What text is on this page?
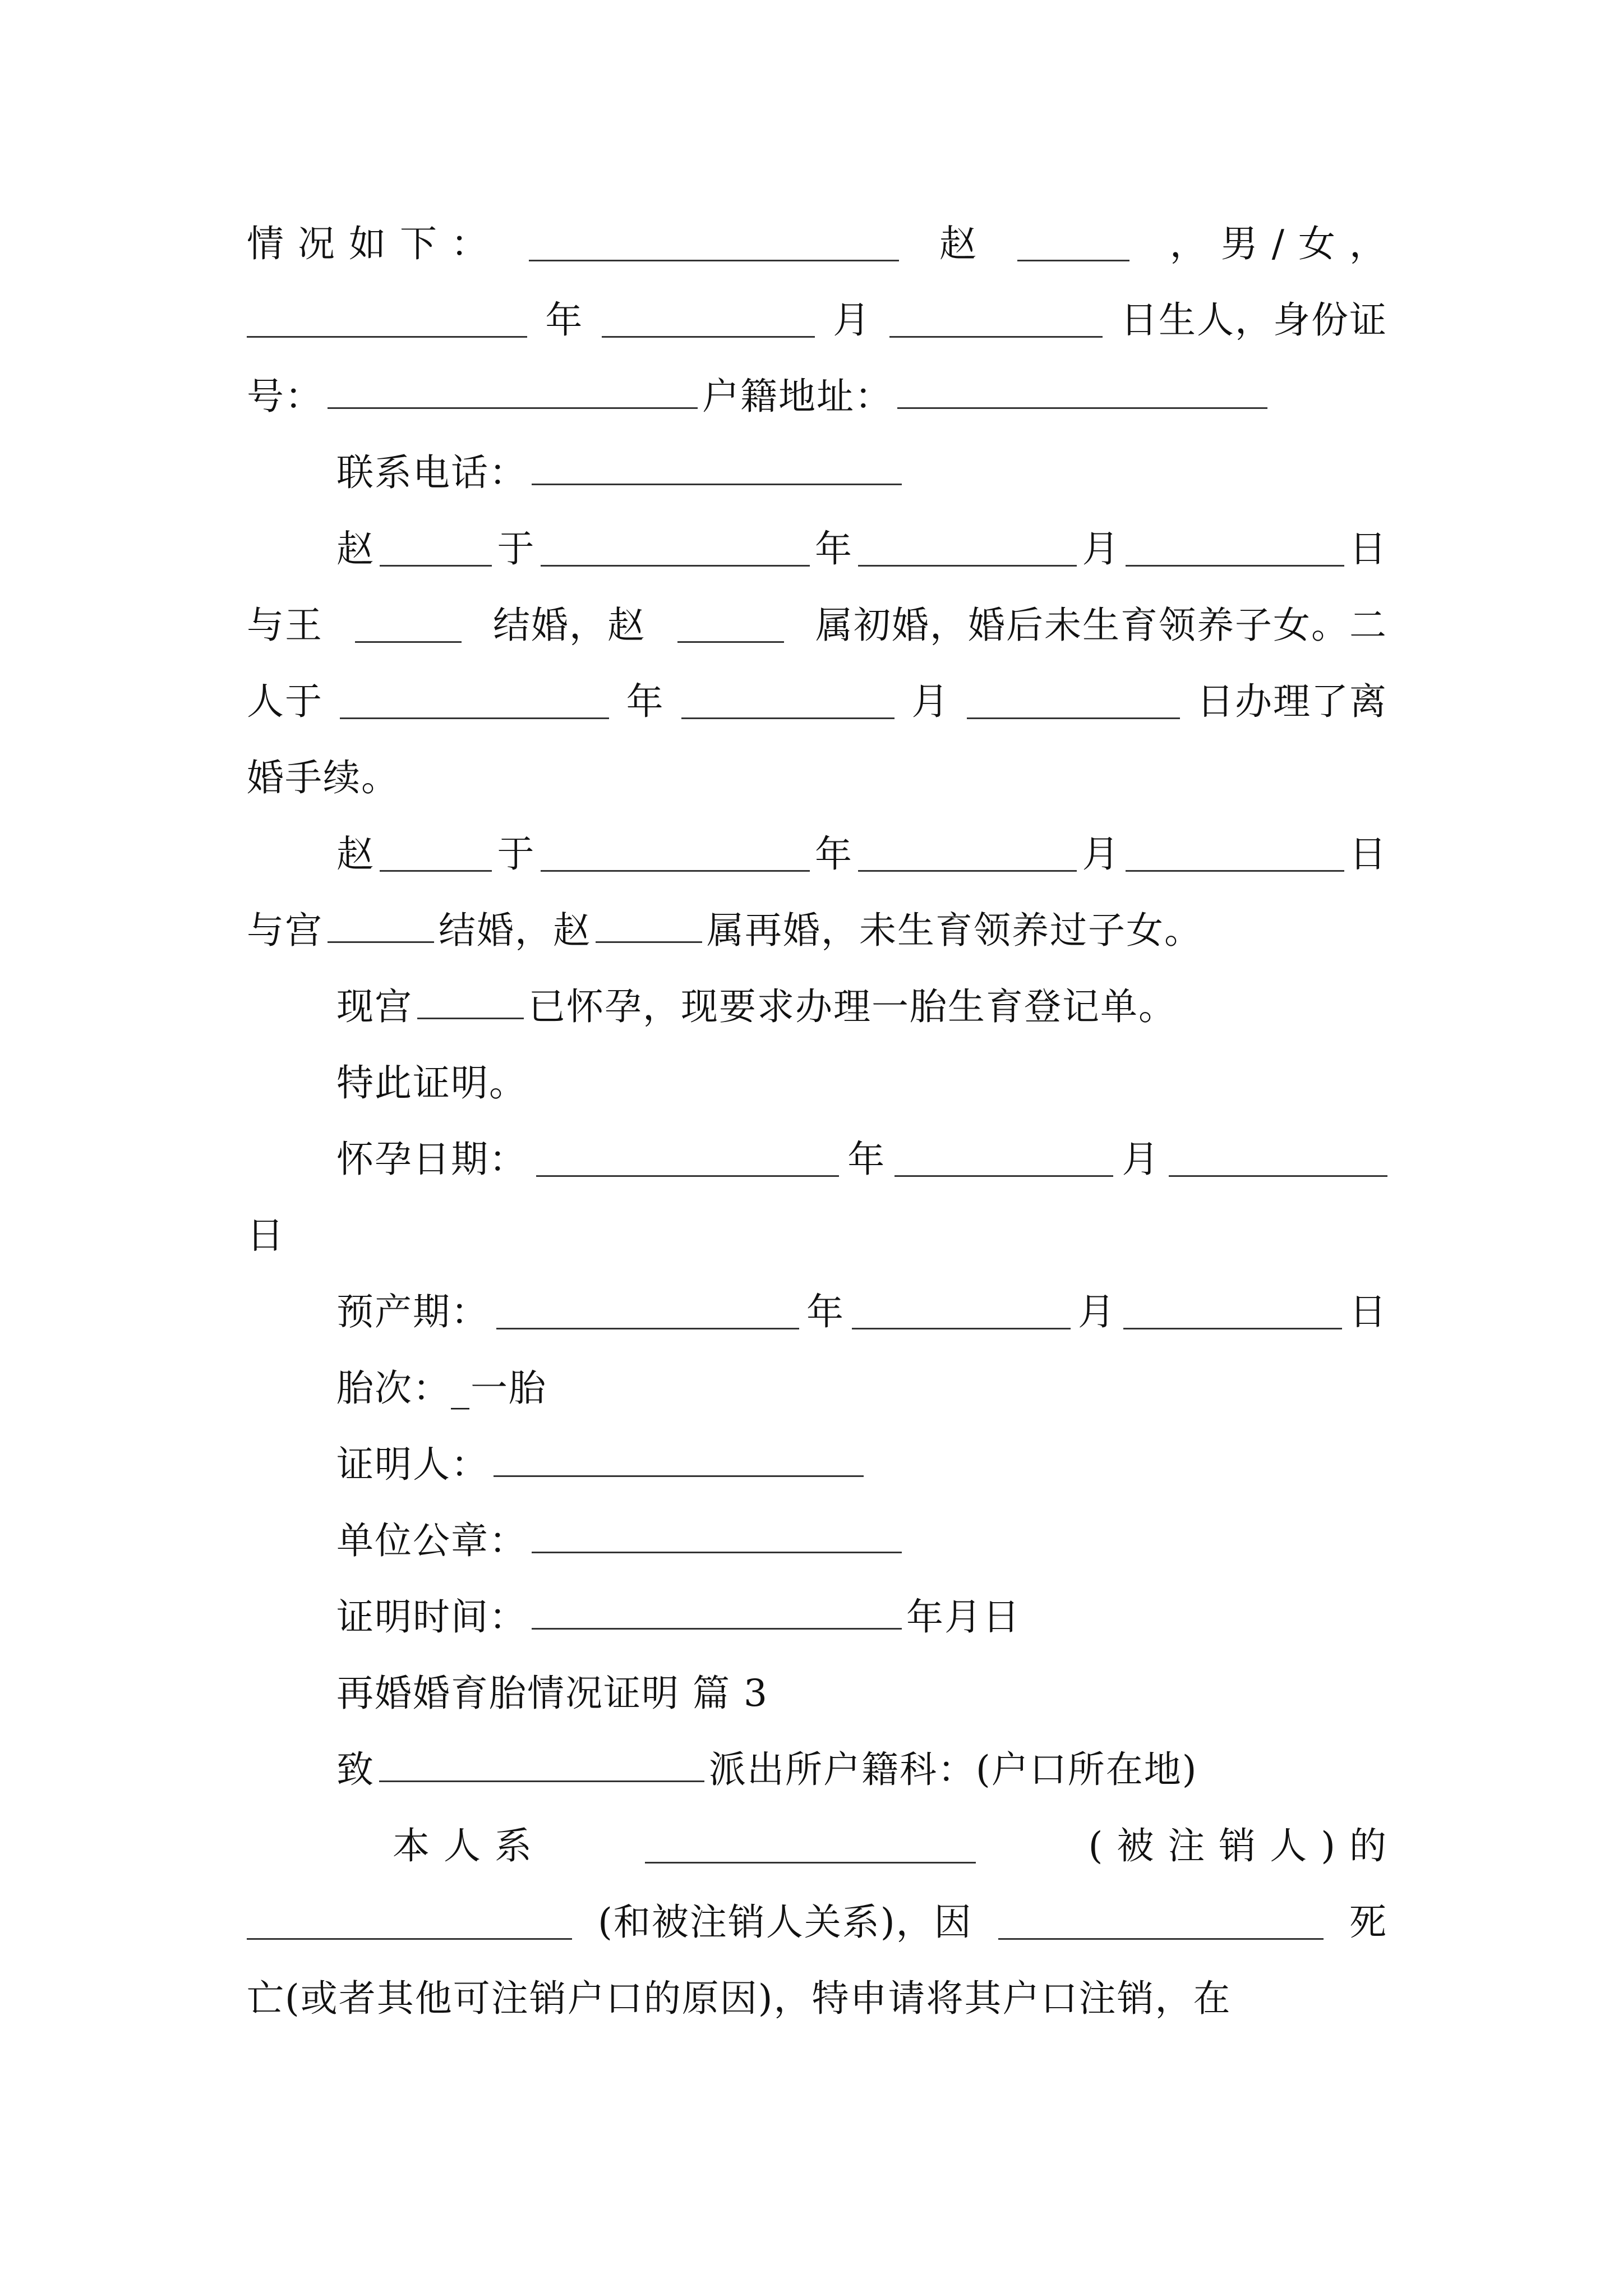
情 况 如 下 ：	赵	， 男 / 女 ，
年	月	日生人，身份证
号：	户籍地址：
联系电话：
赵	于	年	月	日
与王	结婚，赵	属初婚，婚后未生育领养子女。二
人于	年	月	日办理了离
婚手续。
赵	于	年	月	日
与宫	结婚，赵	属再婚，未生育领养过子女。
现宫	已怀孕，现要求办理一胎生育登记单。
特此证明。
怀孕日期：	年	月
日
预产期：	年	月	日
胎次：_一胎
证明人：
单位公章：
证明时间：	年月日
再婚婚育胎情况证明 篇 3
致	派出所户籍科：(户口所在地)
本 人 系	( 被 注 销 人 ) 的
(和被注销人关系)，因	死
亡(或者其他可注销户口的原因)，特申请将其户口注销，在
